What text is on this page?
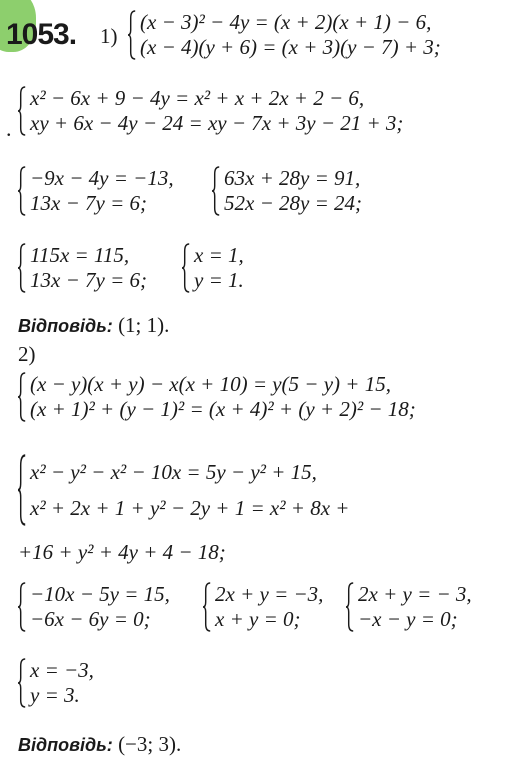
1053. 1)
(x − 3)² − 4y = (x + 2)(x + 1) − 6,
(x − 4)(y + 6) = (x + 3)(y − 7) + 3;
x² − 6x + 9 − 4y = x² + x + 2x + 2 − 6,
xy + 6x − 4y − 24 = xy − 7x + 3y − 21 + 3;
.
−9x − 4y = −13,
13x − 7y = 6;
63x + 28y = 91,
52x − 28y = 24;
115x = 115,
13x − 7y = 6;
x = 1,
y = 1.
Відповідь: (1; 1).
2)
(x − y)(x + y) − x(x + 10) = y(5 − y) + 15,
(x + 1)² + (y − 1)² = (x + 4)² + (y + 2)² − 18;
x² − y² − x² − 10x = 5y − y² + 15,
x² + 2x + 1 + y² − 2y + 1 = x² + 8x +
+16 + y² + 4y + 4 − 18;
−10x − 5y = 15,
−6x − 6y = 0;
2x + y = −3,
x + y = 0;
2x + y = − 3,
−x − y = 0;
x = −3,
y = 3.
Відповідь: (−3; 3).
